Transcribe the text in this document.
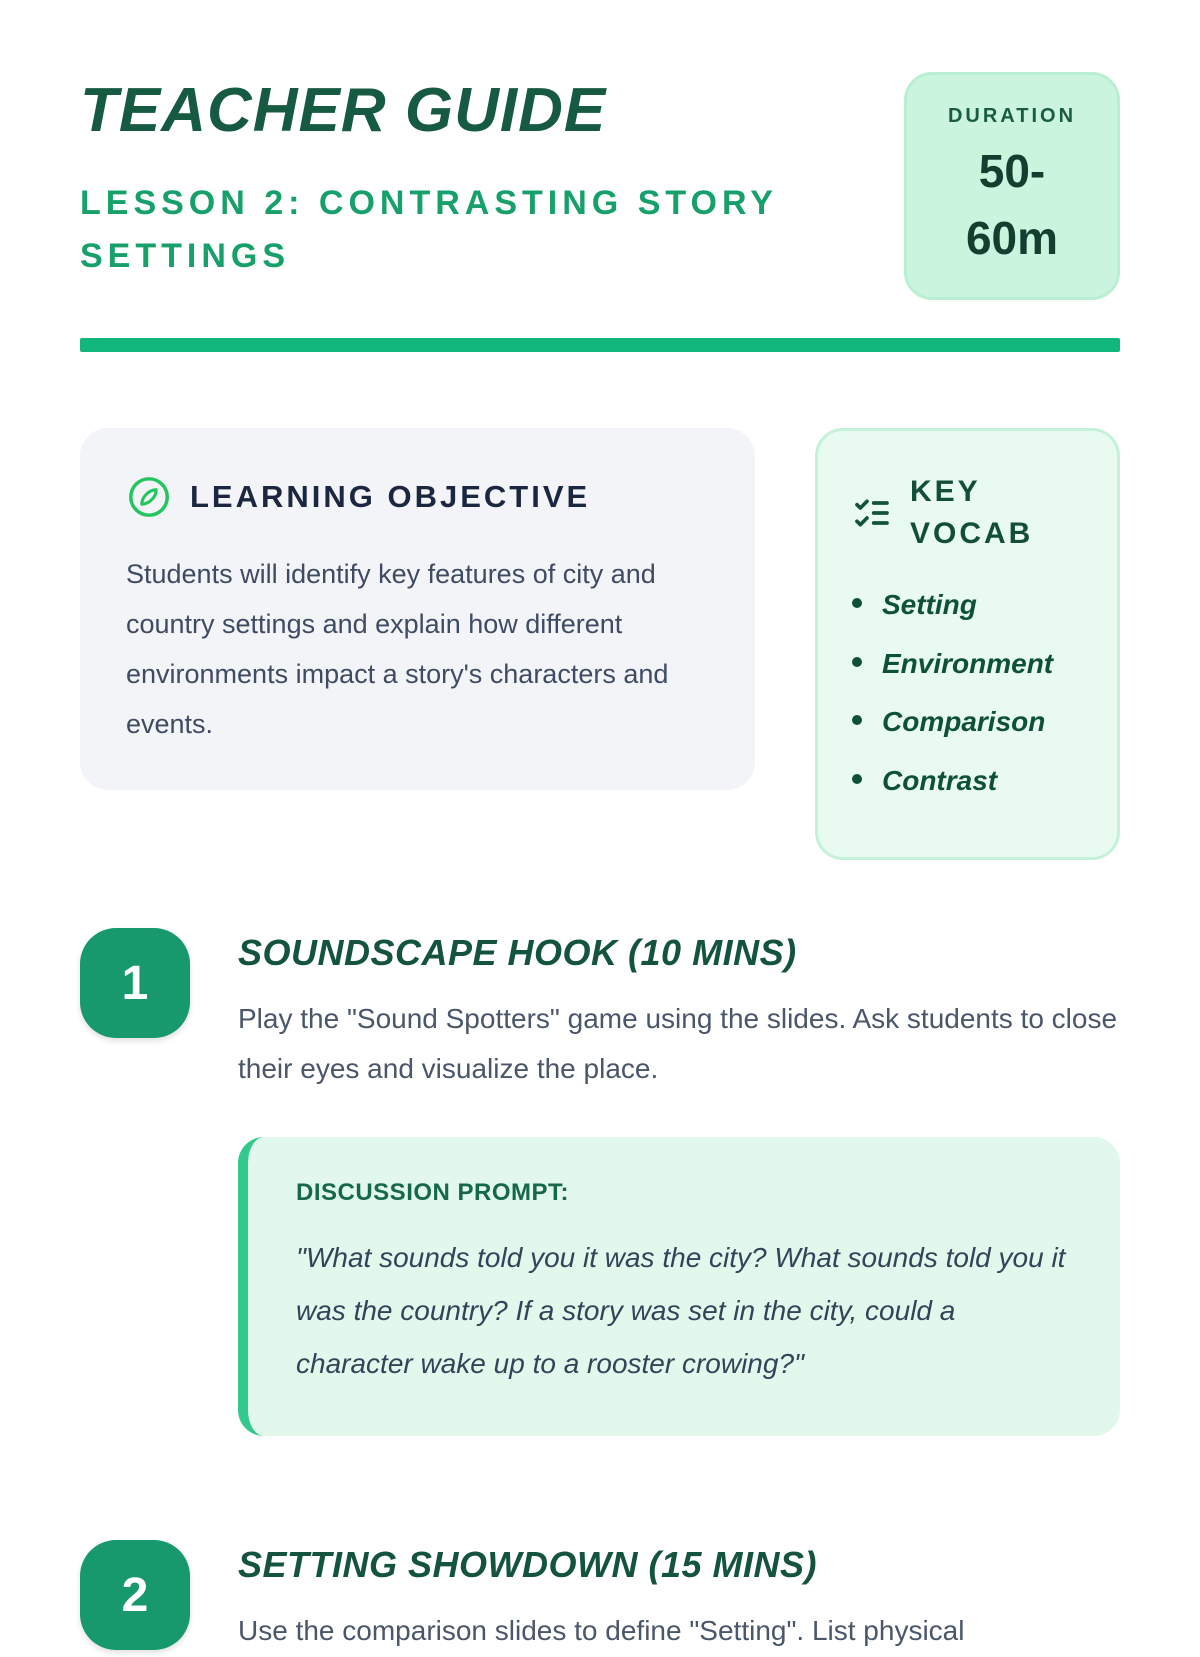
TEACHER GUIDE
LESSON 2: CONTRASTING STORY SETTINGS
DURATION
50-60m
LEARNING OBJECTIVE

Students will identify key features of city and country settings and explain how different environments impact a story's characters and events.

KEY VOCAB
Setting
Environment
Comparison
Contrast
1
SOUNDSCAPE HOOK (10 MINS)

Play the "Sound Spotters" game using the slides. Ask students to close their eyes and visualize the place.

DISCUSSION PROMPT:

"What sounds told you it was the city? What sounds told you it was the country? If a story was set in the city, could a character wake up to a rooster crowing?"

2
SETTING SHOWDOWN (15 MINS)

Use the comparison slides to define "Setting". List physical
